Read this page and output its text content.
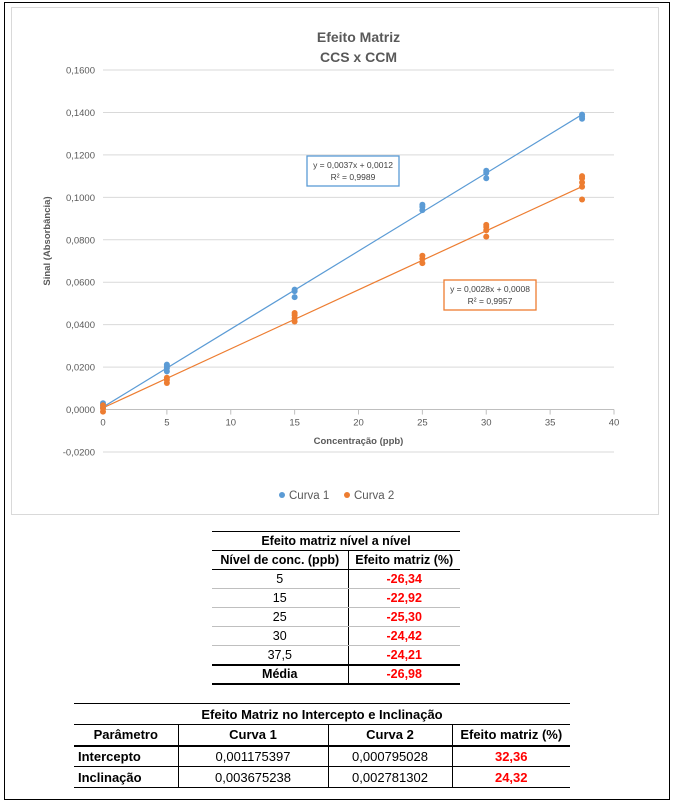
Efeito Matriz
CCS x CCM
-0,0200
0,0000
0,0200
0,0400
0,0600
0,0800
0,1000
0,1200
0,1400
0,1600
0	5	10	15	20	25	30	35	40
Concentração (ppb)
Sinal (Absorbância)
y = 0,0037x + 0,0012
R² = 0,9989
y = 0,0028x + 0,0008
R² = 0,9957
Curva 1 Curva 2
Efeito matriz nível a nível	
Nível de conc. (ppb)	Efeito matriz (%)
5	-26,34
15	-22,92
25	-25,30
30	-24,42
37,5	-24,21
Média	-26,98
Efeito Matriz no Intercepto e Inclinação			
Parâmetro	Curva 1	Curva 2	Efeito matriz (%)
Intercepto	0,001175397	0,000795028	32,36
Inclinação	0,003675238	0,002781302	24,32
